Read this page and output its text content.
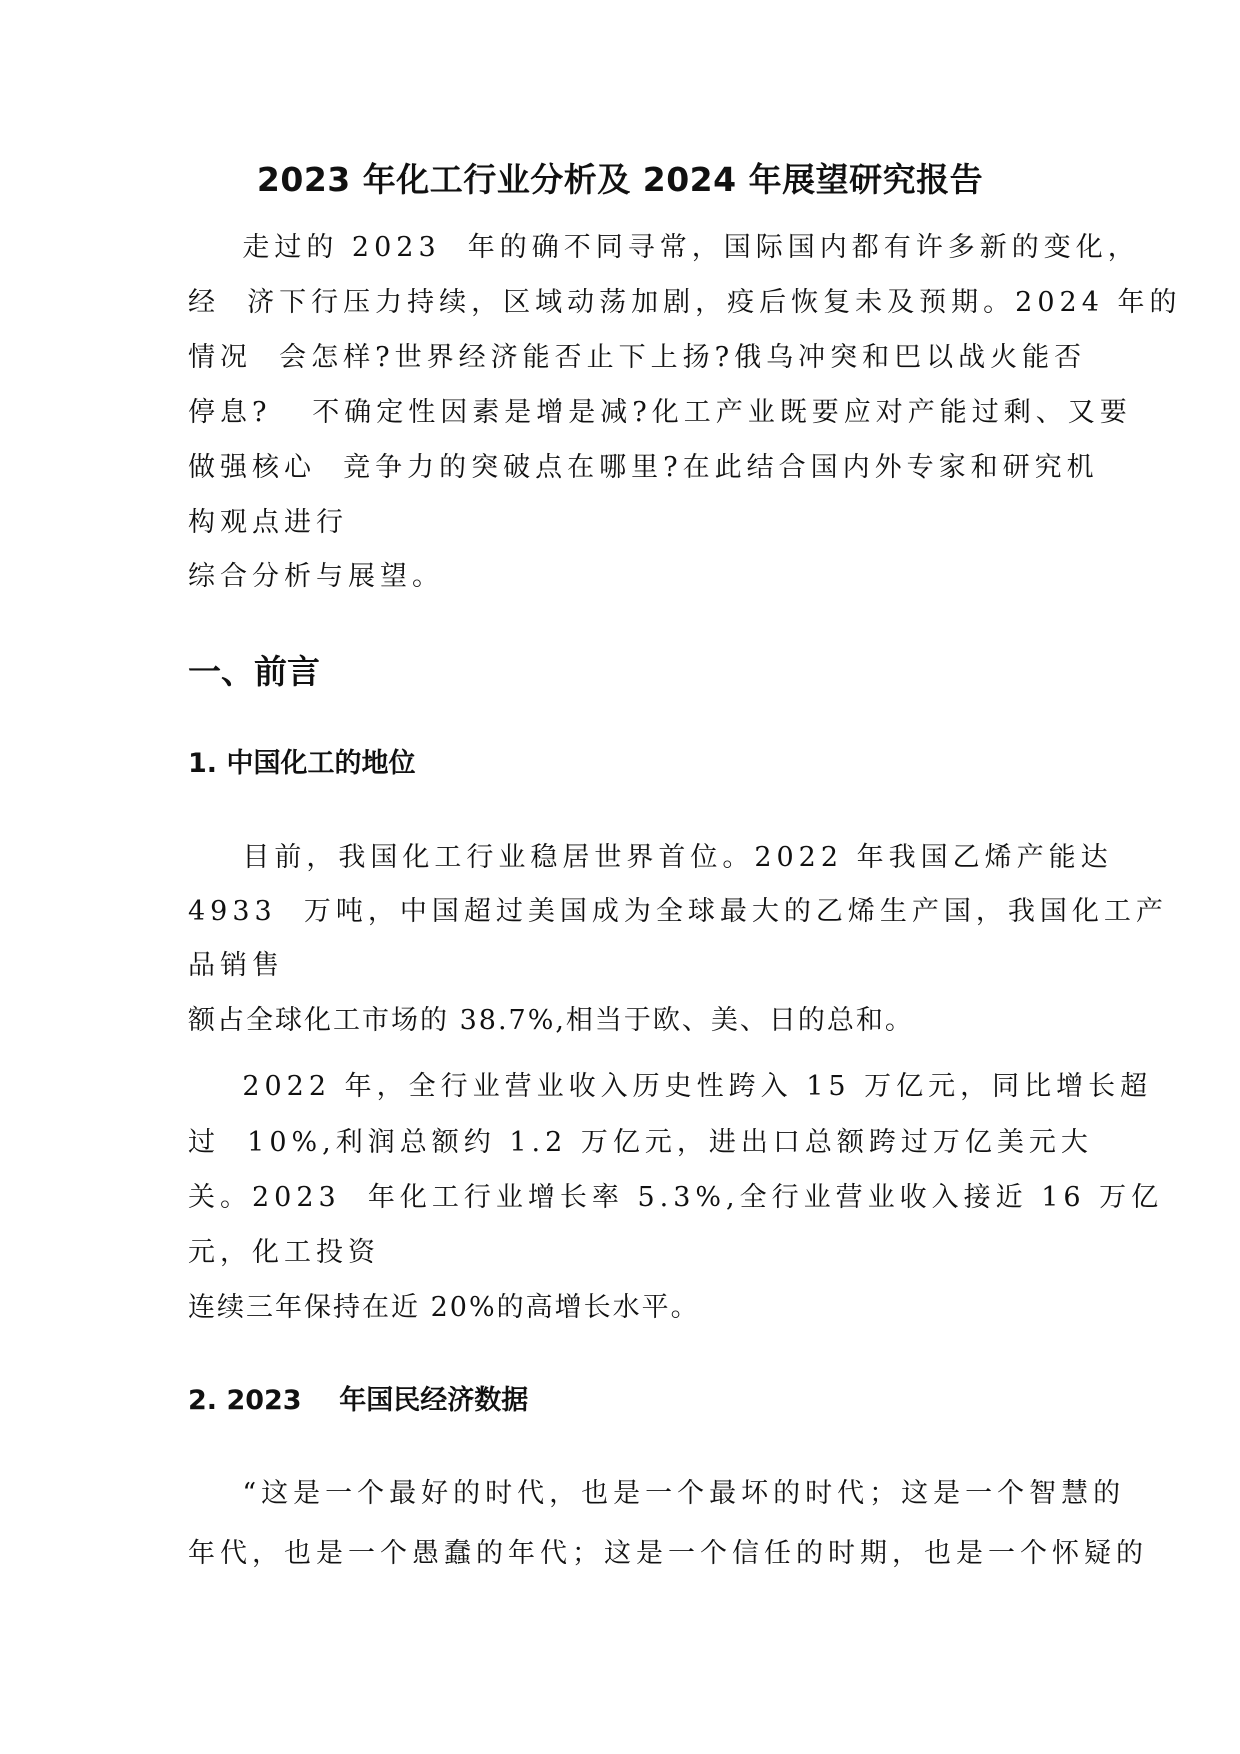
2023 年化工行业分析及 2024 年展望研究报告
走过的 2023  年的确不同寻常，国际国内都有许多新的变化，
经  济下行压力持续，区域动荡加剧，疫后恢复未及预期。2024 年的
情况  会怎样?世界经济能否止下上扬?俄乌冲突和巴以战火能否
停息?   不确定性因素是增是减?化工产业既要应对产能过剩、又要
做强核心  竞争力的突破点在哪里?在此结合国内外专家和研究机
构观点进行
综合分析与展望。
一、前言
1. 中国化工的地位
目前，我国化工行业稳居世界首位。2022 年我国乙烯产能达
4933  万吨，中国超过美国成为全球最大的乙烯生产国，我国化工产
品销售
额占全球化工市场的 38.7%,相当于欧、美、日的总和。
2022 年，全行业营业收入历史性跨入 15 万亿元，同比增长超
过  10%,利润总额约 1.2 万亿元，进出口总额跨过万亿美元大
关。2023  年化工行业增长率 5.3%,全行业营业收入接近 16 万亿
元，化工投资
连续三年保持在近 20%的高增长水平。
2. 2023    年国民经济数据
“这是一个最好的时代，也是一个最坏的时代；这是一个智慧的
年代，也是一个愚蠢的年代；这是一个信任的时期，也是一个怀疑的
